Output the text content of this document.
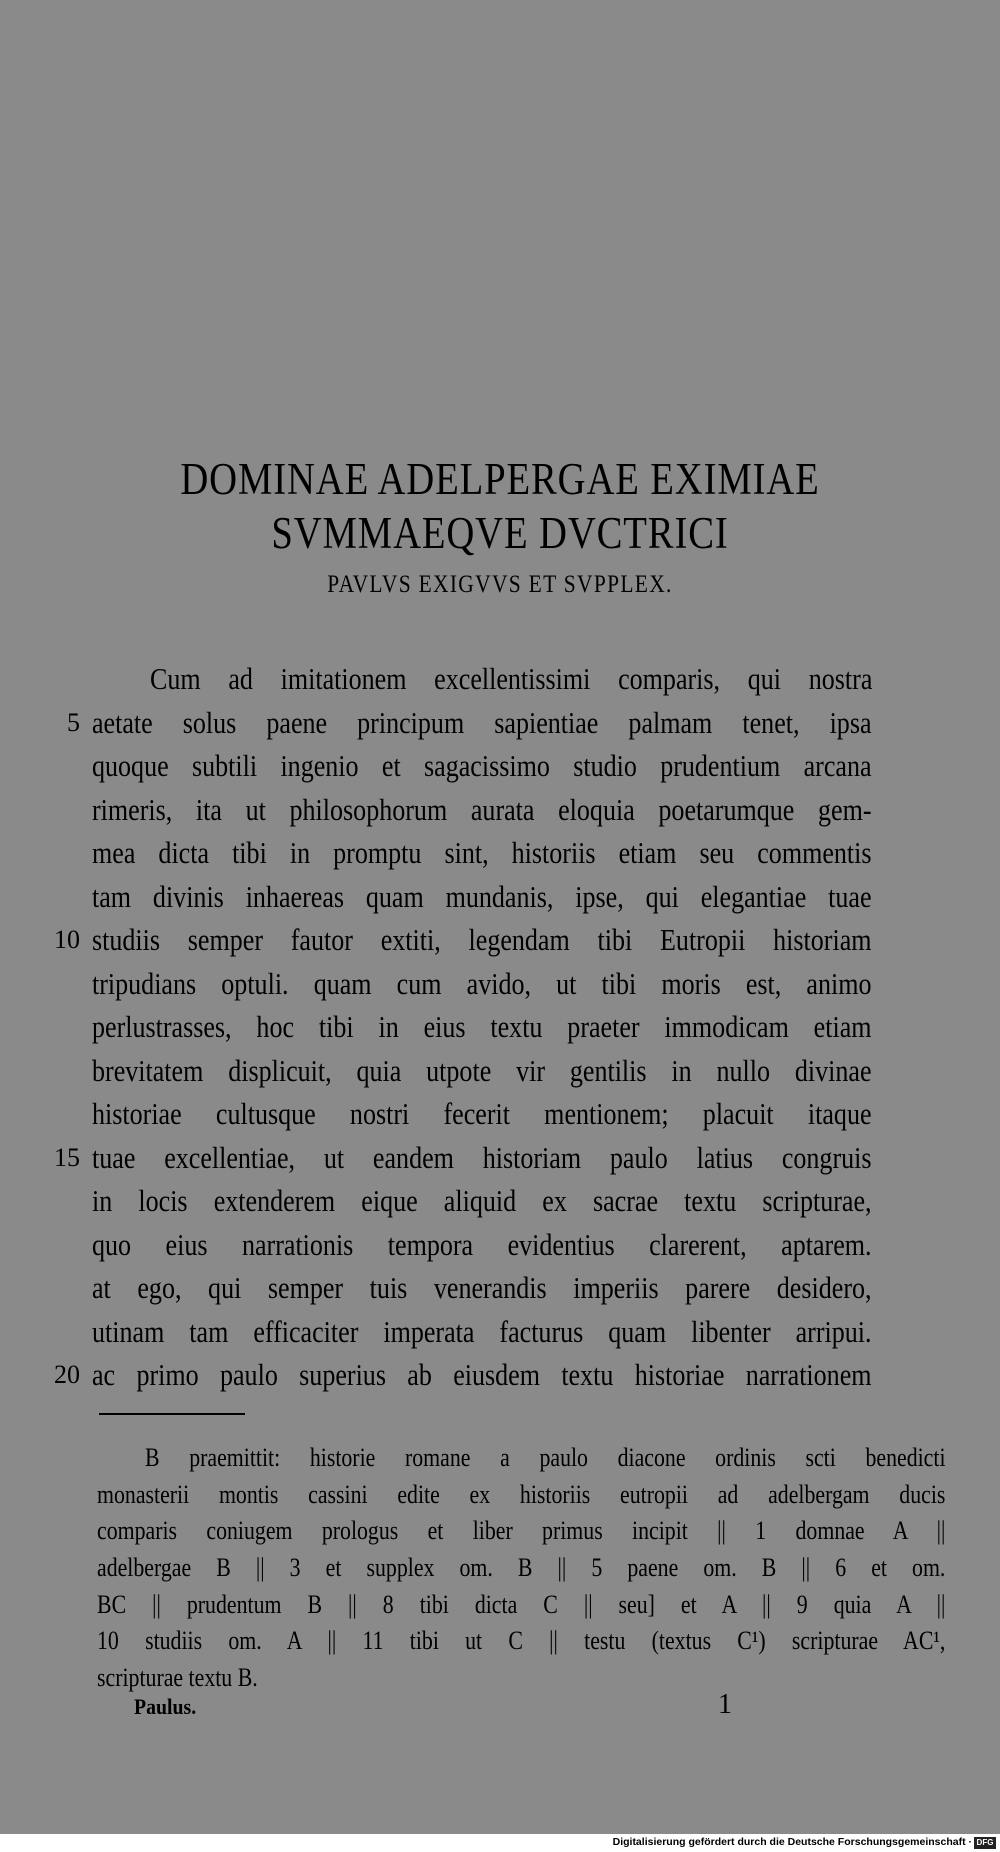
DOMINAE ADELPERGAE EXIMIAE
SVMMAEQVE DVCTRICI
PAVLVS EXIGVVS ET SVPPLEX.
Cum ad imitationem excellentissimi comparis, qui nostra
5 aetate solus paene principum sapientiae palmam tenet, ipsa
quoque subtili ingenio et sagacissimo studio prudentium arcana
rimeris, ita ut philosophorum aurata eloquia poetarumque gem-
mea dicta tibi in promptu sint, historiis etiam seu commentis
tam divinis inhaereas quam mundanis, ipse, qui elegantiae tuae
10 studiis semper fautor extiti, legendam tibi Eutropii historiam
tripudians optuli. quam cum avido, ut tibi moris est, animo
perlustrasses, hoc tibi in eius textu praeter immodicam etiam
brevitatem displicuit, quia utpote vir gentilis in nullo divinae
historiae cultusque nostri fecerit mentionem; placuit itaque
15 tuae excellentiae, ut eandem historiam paulo latius congruis
in locis extenderem eique aliquid ex sacrae textu scripturae,
quo eius narrationis tempora evidentius clarerent, aptarem.
at ego, qui semper tuis venerandis imperiis parere desidero,
utinam tam efficaciter imperata facturus quam libenter arripui.
20 ac primo paulo superius ab eiusdem textu historiae narrationem
B praemittit: historie romane a paulo diacone ordinis scti benedicti
monasterii montis cassini edite ex historiis eutropii ad adelbergam ducis
comparis coniugem prologus et liber primus incipit || 1 domnae A ||
adelbergae B || 3 et supplex om. B || 5 paene om. B || 6 et om.
BC || prudentum B || 8 tibi dicta C || seu] et A || 9 quia A ||
10 studiis om. A || 11 tibi ut C || testu (textus C¹) scripturae AC¹,
scripturae textu B.
Paulus.	1
Digitalisierung gefördert durch die Deutsche Forschungsgemeinschaft · DFG
